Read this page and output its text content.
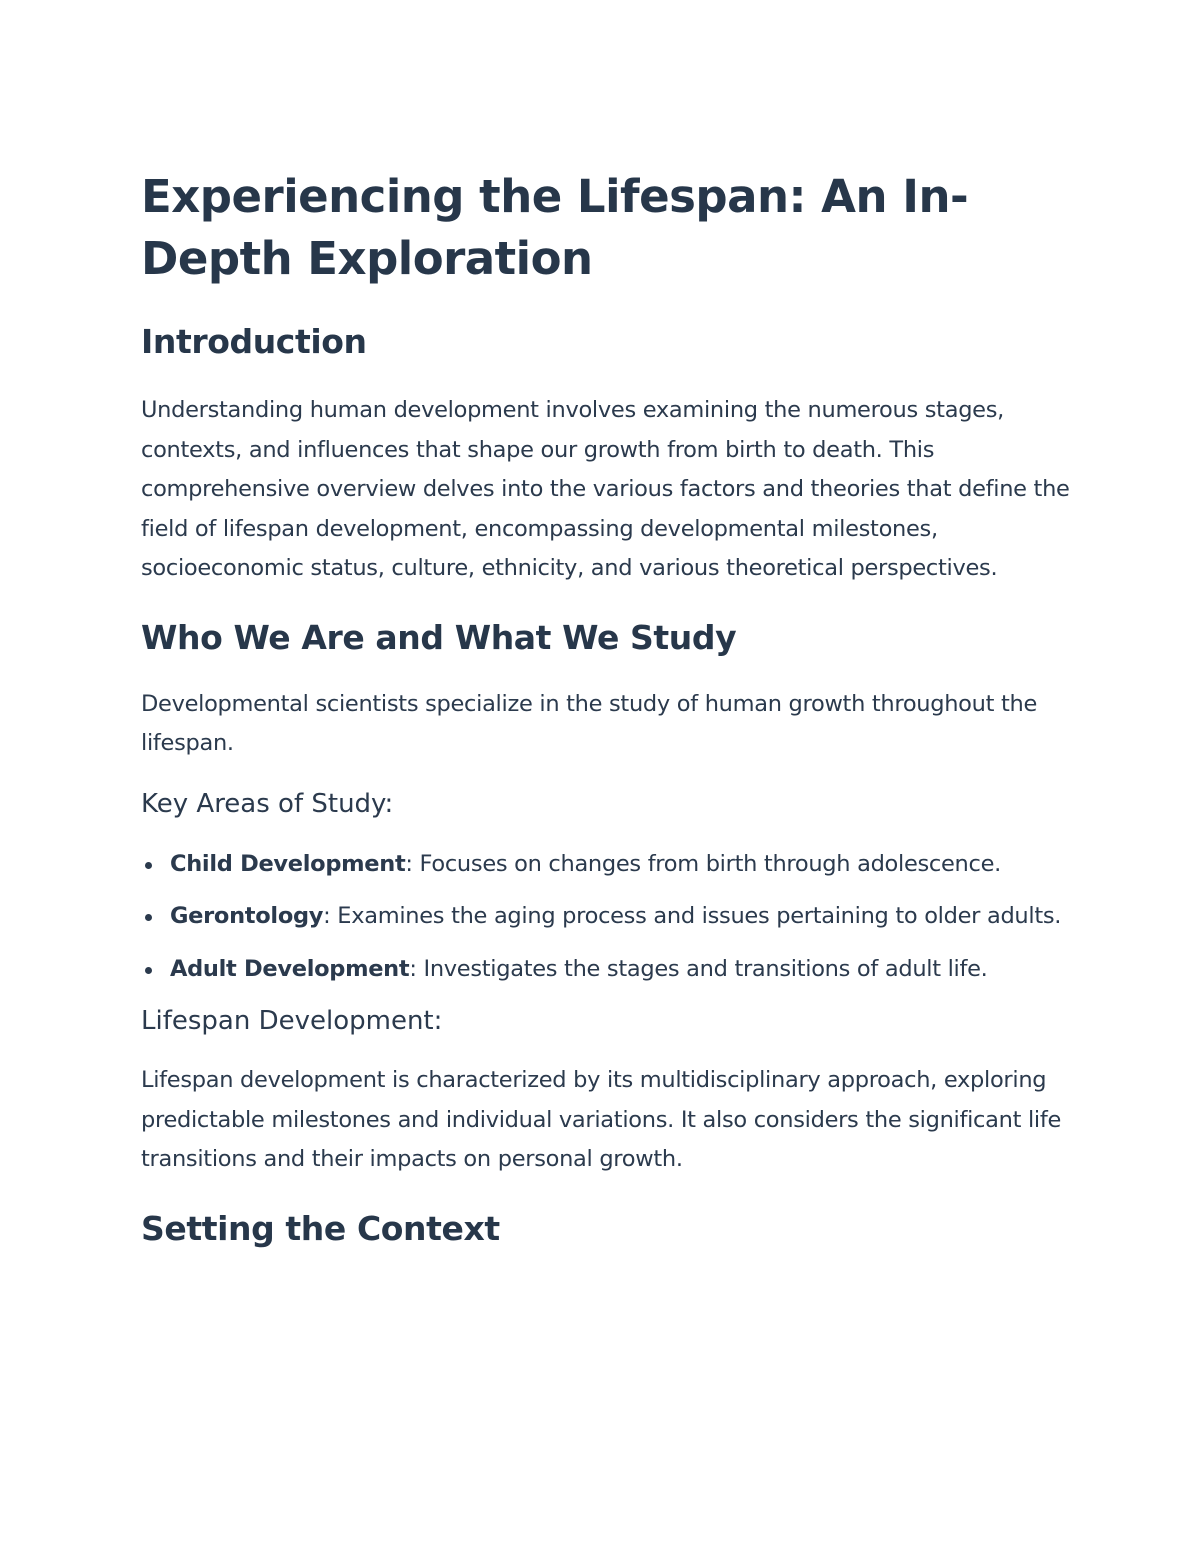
Experiencing the Lifespan: An In-Depth Exploration
Introduction

Understanding human development involves examining the numerous stages, contexts, and influences that shape our growth from birth to death. This comprehensive overview delves into the various factors and theories that define the field of lifespan development, encompassing developmental milestones, socioeconomic status, culture, ethnicity, and various theoretical perspectives.

Who We Are and What We Study

Developmental scientists specialize in the study of human growth throughout the lifespan.

Key Areas of Study:
Child Development: Focuses on changes from birth through adolescence.
Gerontology: Examines the aging process and issues pertaining to older adults.
Adult Development: Investigates the stages and transitions of adult life.
Lifespan Development:

Lifespan development is characterized by its multidisciplinary approach, exploring predictable milestones and individual variations. It also considers the significant life transitions and their impacts on personal growth.

Setting the Context
